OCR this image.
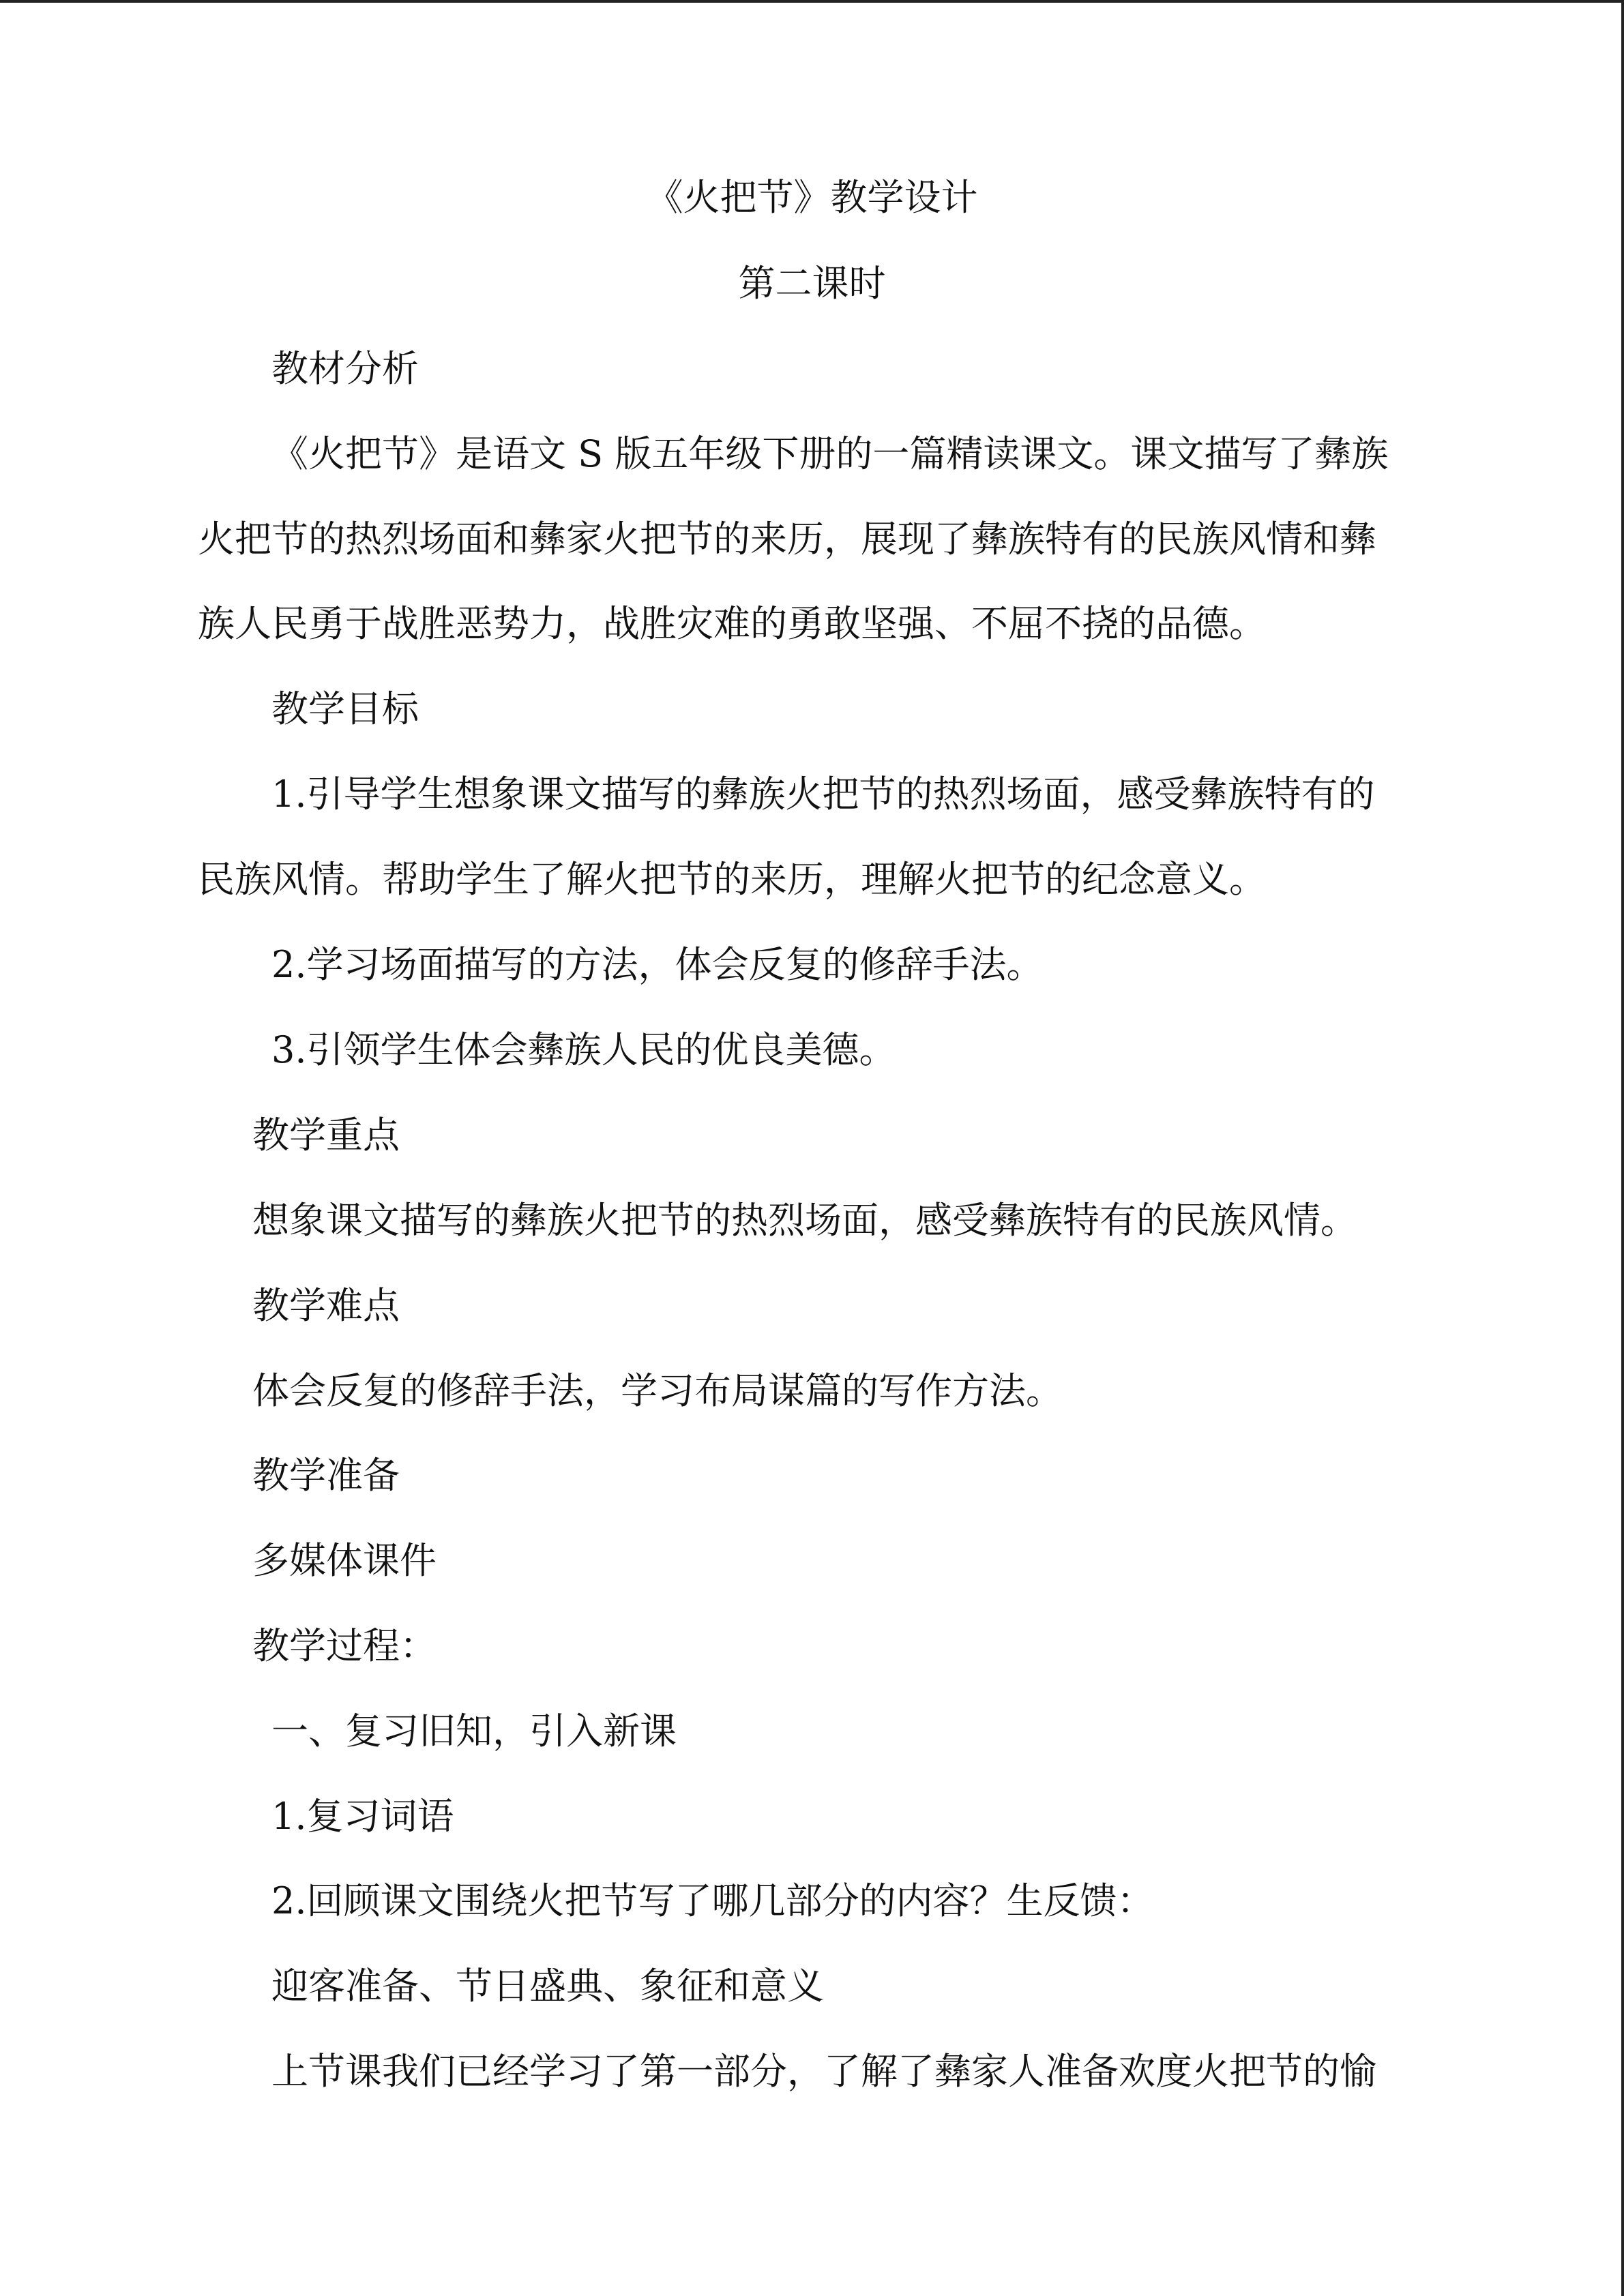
《火把节》教学设计
第二课时
教材分析
《火把节》是语文 S 版五年级下册的一篇精读课文。课文描写了彝族
火把节的热烈场面和彝家火把节的来历，展现了彝族特有的民族风情和彝
族人民勇于战胜恶势力，战胜灾难的勇敢坚强、不屈不挠的品德。
教学目标
1.引导学生想象课文描写的彝族火把节的热烈场面，感受彝族特有的
民族风情。帮助学生了解火把节的来历，理解火把节的纪念意义。
2.学习场面描写的方法，体会反复的修辞手法。
3.引领学生体会彝族人民的优良美德。
教学重点
想象课文描写的彝族火把节的热烈场面，感受彝族特有的民族风情。
教学难点
体会反复的修辞手法，学习布局谋篇的写作方法。
教学准备
多媒体课件
教学过程：
一、复习旧知，引入新课
1.复习词语
2.回顾课文围绕火把节写了哪几部分的内容？生反馈：
迎客准备、节日盛典、象征和意义
上节课我们已经学习了第一部分，了解了彝家人准备欢度火把节的愉
